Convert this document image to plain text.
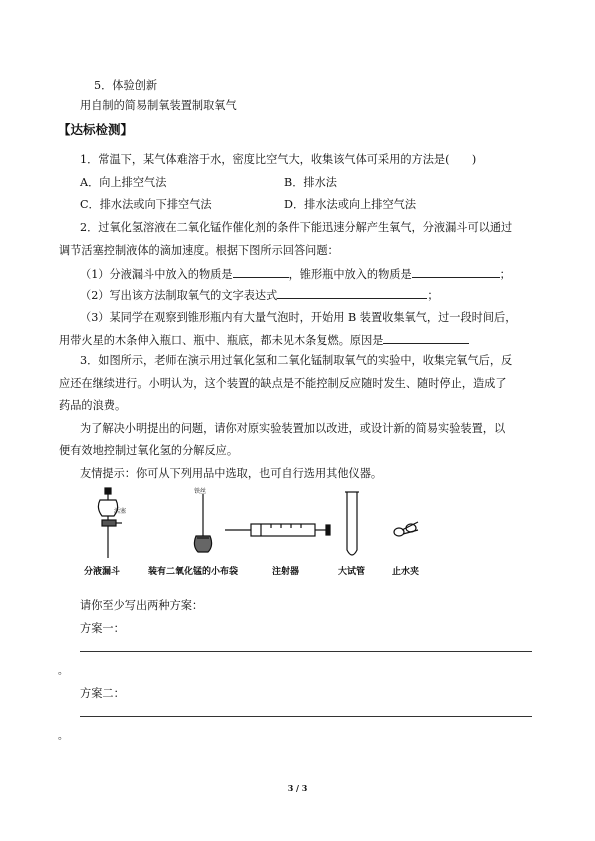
5．体验创新
用自制的简易制氧装置制取氧气
【达标检测】
1．常温下，某气体难溶于水，密度比空气大，收集该气体可采用的方法是(　　)
A．向上排空气法	B．排水法
C．排水法或向下排空气法	D．排水法或向上排空气法
2．过氧化氢溶液在二氧化锰作催化剂的条件下能迅速分解产生氧气，分液漏斗可以通过
调节活塞控制液体的滴加速度。根据下图所示回答问题：
（1）分液漏斗中放入的物质是	，锥形瓶中放入的物质是	；
（2）写出该方法制取氧气的文字表达式	；
（3）某同学在观察到锥形瓶内有大量气泡时，开始用 B 装置收集氧气，过一段时间后，
用带火星的木条伸入瓶口、瓶中、瓶底，都未见木条复燃。原因是
3．如图所示，老师在演示用过氧化氢和二氧化锰制取氧气的实验中，收集完氧气后，反
应还在继续进行。小明认为，这个装置的缺点是不能控制反应随时发生、随时停止，造成了
药品的浪费。
为了解决小明提出的问题，请你对原实验装置加以改进，或设计新的简易实验装置，以
便有效地控制过氧化氢的分解反应。
友情提示：你可从下列用品中选取，也可自行选用其他仪器。
活塞
铁丝
分液漏斗	装有二氧化锰的小布袋	注射器	大试管	止水夹
请你至少写出两种方案：
方案一：
。
方案二：
。
3 / 3
